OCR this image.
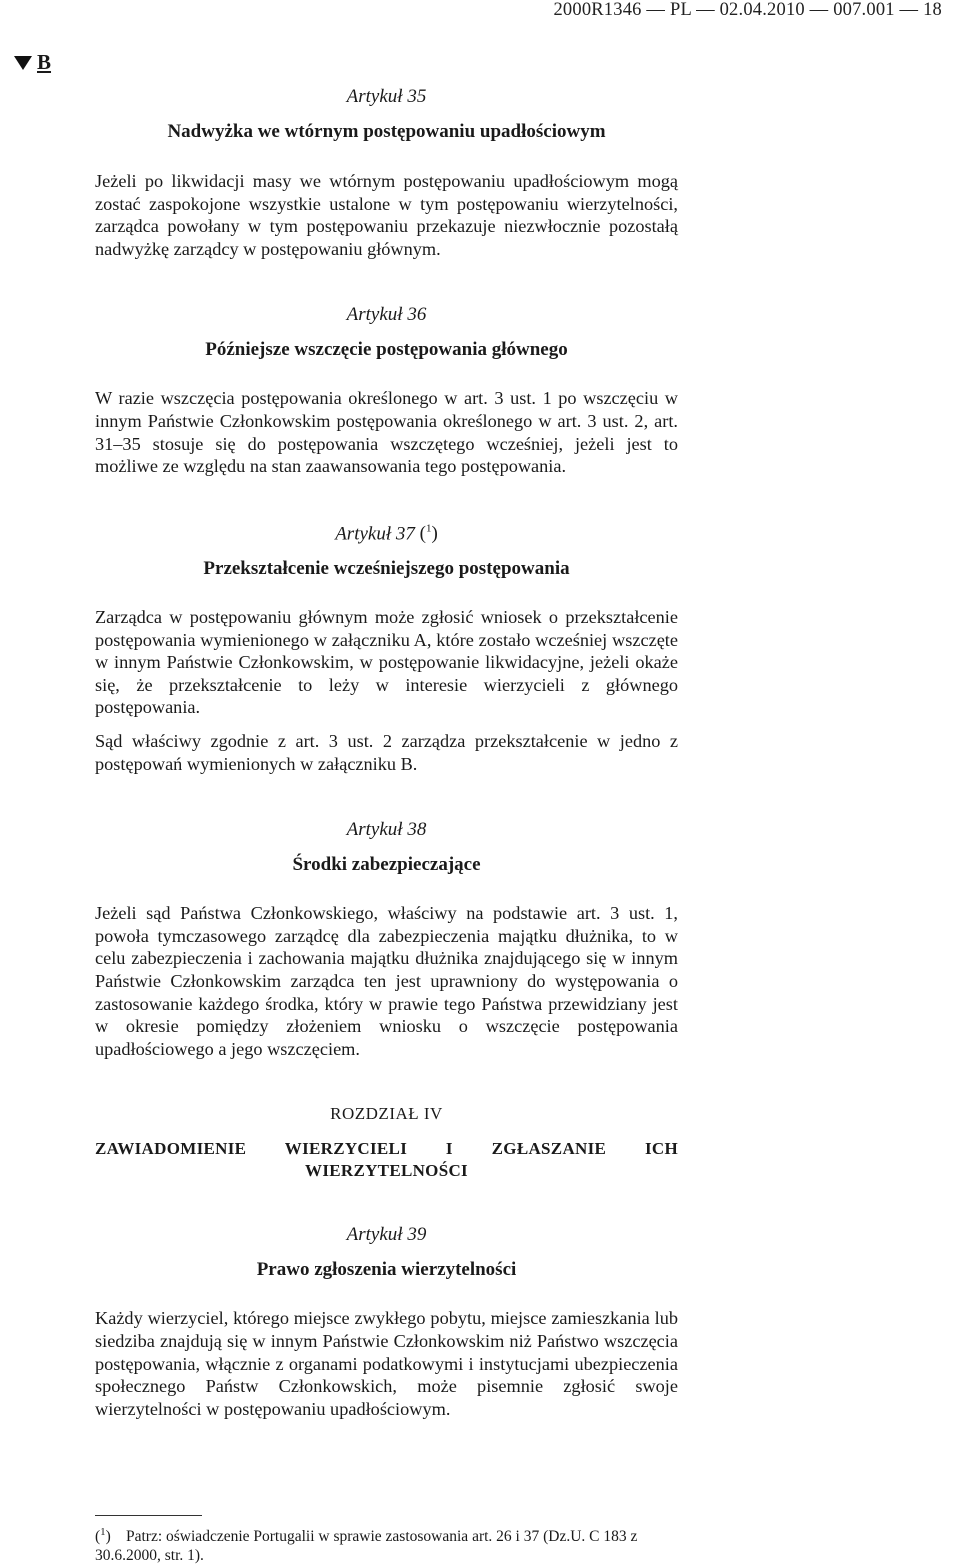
2000R1346 — PL — 02.04.2010 — 007.001 — 18
B

Artykuł 35

Nadwyżka we wtórnym postępowaniu upadłościowym

Jeżeli po likwidacji masy we wtórnym postępowaniu upadłościowym mogą zostać zaspokojone wszystkie ustalone w tym postępowaniu wierzytelności, zarządca powołany w tym postępowaniu przekazuje niezwłocznie pozostałą nadwyżkę zarządcy w postępowaniu głównym.

Artykuł 36

Późniejsze wszczęcie postępowania głównego

W razie wszczęcia postępowania określonego w art. 3 ust. 1 po wszczęciu w innym Państwie Członkowskim postępowania określonego w art. 3 ust. 2, art. 31–35 stosuje się do postępowania wszczętego wcześniej, jeżeli jest to możliwe ze względu na stan zaawansowania tego postępowania.

Artykuł 37 ($^1$)

Przekształcenie wcześniejszego postępowania

Zarządca w postępowaniu głównym może zgłosić wniosek o przekształcenie postępowania wymienionego w załączniku A, które zostało wcześniej wszczęte w innym Państwie Członkowskim, w postępowanie likwidacyjne, jeżeli okaże się, że przekształcenie to leży w interesie wierzycieli z głównego postępowania.

Sąd właściwy zgodnie z art. 3 ust. 2 zarządza przekształcenie w jedno z postępowań wymienionych w załączniku B.

Artykuł 38

Środki zabezpieczające

Jeżeli sąd Państwa Członkowskiego, właściwy na podstawie art. 3 ust. 1, powoła tymczasowego zarządcę dla zabezpieczenia majątku dłużnika, to w celu zabezpieczenia i zachowania majątku dłużnika znajdującego się w innym Państwie Członkowskim zarządca ten jest uprawniony do występowania o zastosowanie każdego środka, który w prawie tego Państwa przewidziany jest w okresie pomiędzy złożeniem wniosku o wszczęcie postępowania upadłościowego a jego wszczęciem.

ROZDZIAŁ IV

ZAWIADOMIENIE WIERZYCIELI I ZGŁASZANIE ICH WIERZYTELNOŚCI

Artykuł 39

Prawo zgłoszenia wierzytelności

Każdy wierzyciel, którego miejsce zwykłego pobytu, miejsce zamieszkania lub siedziba znajdują się w innym Państwie Członkowskim niż Państwo wszczęcia postępowania, włącznie z organami podatkowymi i instytucjami ubezpieczenia społecznego Państw Członkowskich, może pisemnie zgłosić swoje wierzytelności w postępowaniu upadłościowym.

($^1$) Patrz: oświadczenie Portugalii w sprawie zastosowania art. 26 i 37 (Dz.U. C 183 z 30.6.2000, str. 1).
